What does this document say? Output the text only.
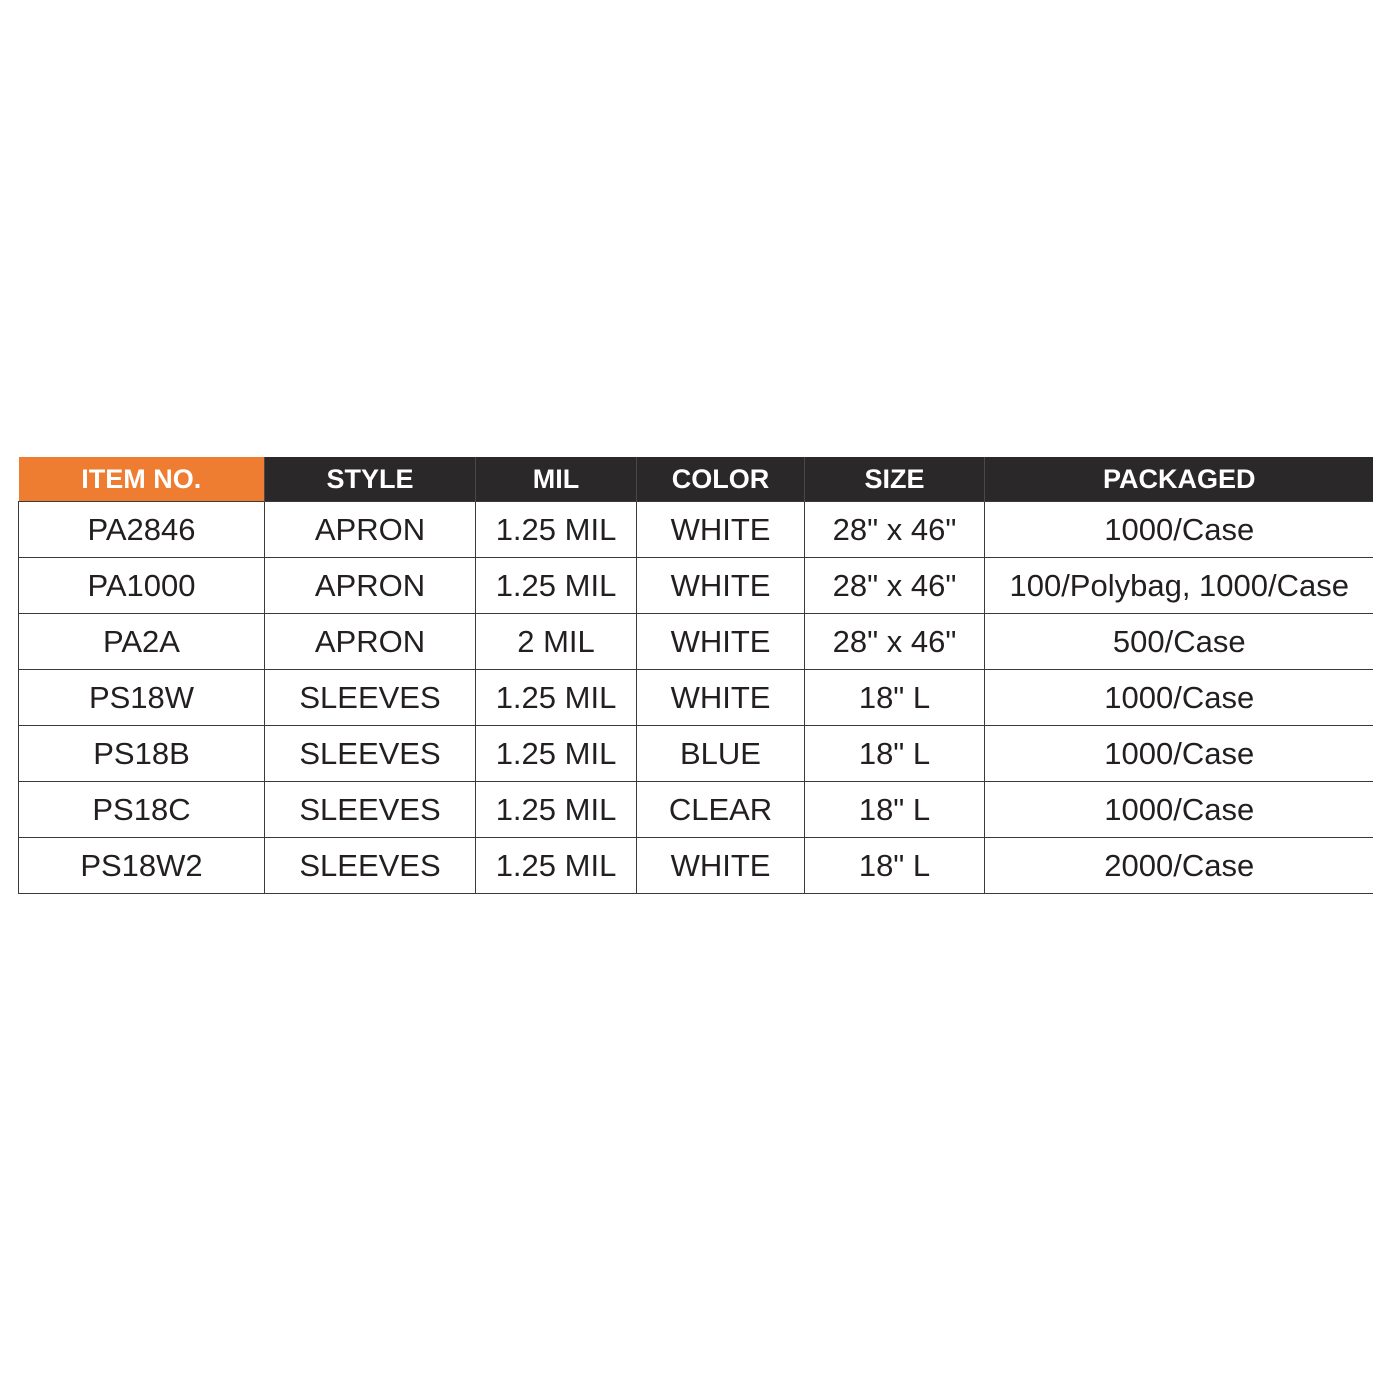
ITEM NO.	STYLE	MIL	COLOR	SIZE	PACKAGED
PA2846	APRON	1.25 MIL	WHITE	28" x 46"	1000/Case
PA1000	APRON	1.25 MIL	WHITE	28" x 46"	100/Polybag, 1000/Case
PA2A	APRON	2 MIL	WHITE	28" x 46"	500/Case
PS18W	SLEEVES	1.25 MIL	WHITE	18" L	1000/Case
PS18B	SLEEVES	1.25 MIL	BLUE	18" L	1000/Case
PS18C	SLEEVES	1.25 MIL	CLEAR	18" L	1000/Case
PS18W2	SLEEVES	1.25 MIL	WHITE	18" L	2000/Case
